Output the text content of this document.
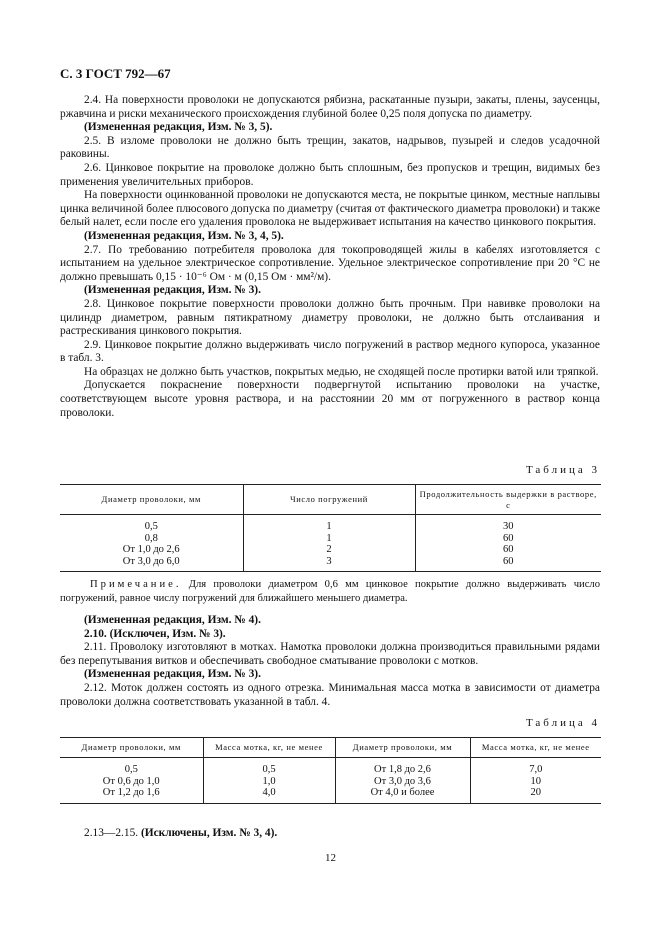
С. 3 ГОСТ 792—67

2.4. На поверхности проволоки не допускаются рябизна, раскатанные пузыри, закаты, плены, заусенцы, ржавчина и риски механического происхождения глубиной более 0,25 поля допуска по диаметру.

(Измененная редакция, Изм. № 3, 5).

2.5. В изломе проволоки не должно быть трещин, закатов, надрывов, пузырей и следов усадочной раковины.

2.6. Цинковое покрытие на проволоке должно быть сплошным, без пропусков и трещин, видимых без применения увеличительных приборов.

На поверхности оцинкованной проволоки не допускаются места, не покрытые цинком, местные наплывы цинка величиной более плюсового допуска по диаметру (считая от фактического диаметра проволоки) и также белый налет, если после его удаления проволока не выдерживает испытания на качество цинкового покрытия.

(Измененная редакция, Изм. № 3, 4, 5).

2.7. По требованию потребителя проволока для токопроводящей жилы в кабелях изготовляется с испытанием на удельное электрическое сопротивление. Удельное электрическое сопротивление при 20 °С не должно превышать 0,15 · 10⁻⁶ Ом · м (0,15 Ом · мм²/м).

(Измененная редакция, Изм. № 3).

2.8. Цинковое покрытие поверхности проволоки должно быть прочным. При навивке проволоки на цилиндр диаметром, равным пятикратному диаметру проволоки, не должно быть отслаивания и растрескивания цинкового покрытия.

2.9. Цинковое покрытие должно выдерживать число погружений в раствор медного купороса, указанное в табл. 3.

На образцах не должно быть участков, покрытых медью, не сходящей после протирки ватой или тряпкой.

Допускается покраснение поверхности подвергнутой испытанию проволоки на участке, соответствующем высоте уровня раствора, и на расстоянии 20 мм от погруженного в раствор конца проволоки.

Таблица 3
Диаметр проволоки, мм	Число погружений	Продолжительность выдержки в растворе, с
0,5	1	30
0,8	1	60
От 1,0 до 2,6	2	60
От 3,0 до 6,0	3	60
Примечание. Для проволоки диаметром 0,6 мм цинковое покрытие должно выдерживать число погружений, равное числу погружений для ближайшего меньшего диаметра.

(Измененная редакция, Изм. № 4).

2.10. (Исключен, Изм. № 3).

2.11. Проволоку изготовляют в мотках. Намотка проволоки должна производиться правильными рядами без перепутывания витков и обеспечивать свободное сматывание проволоки с мотков.

(Измененная редакция, Изм. № 3).

2.12. Моток должен состоять из одного отрезка. Минимальная масса мотка в зависимости от диаметра проволоки должна соответствовать указанной в табл. 4.

Таблица 4
Диаметр проволоки, мм	Масса мотка, кг, не менее	Диаметр проволоки, мм	Масса мотка, кг, не менее
0,5	0,5	От 1,8 до 2,6	7,0
От 0,6 до 1,0	1,0	От 3,0 до 3,6	10
От 1,2 до 1,6	4,0	От 4,0 и более	20
2.13—2.15. (Исключены, Изм. № 3, 4).
12
